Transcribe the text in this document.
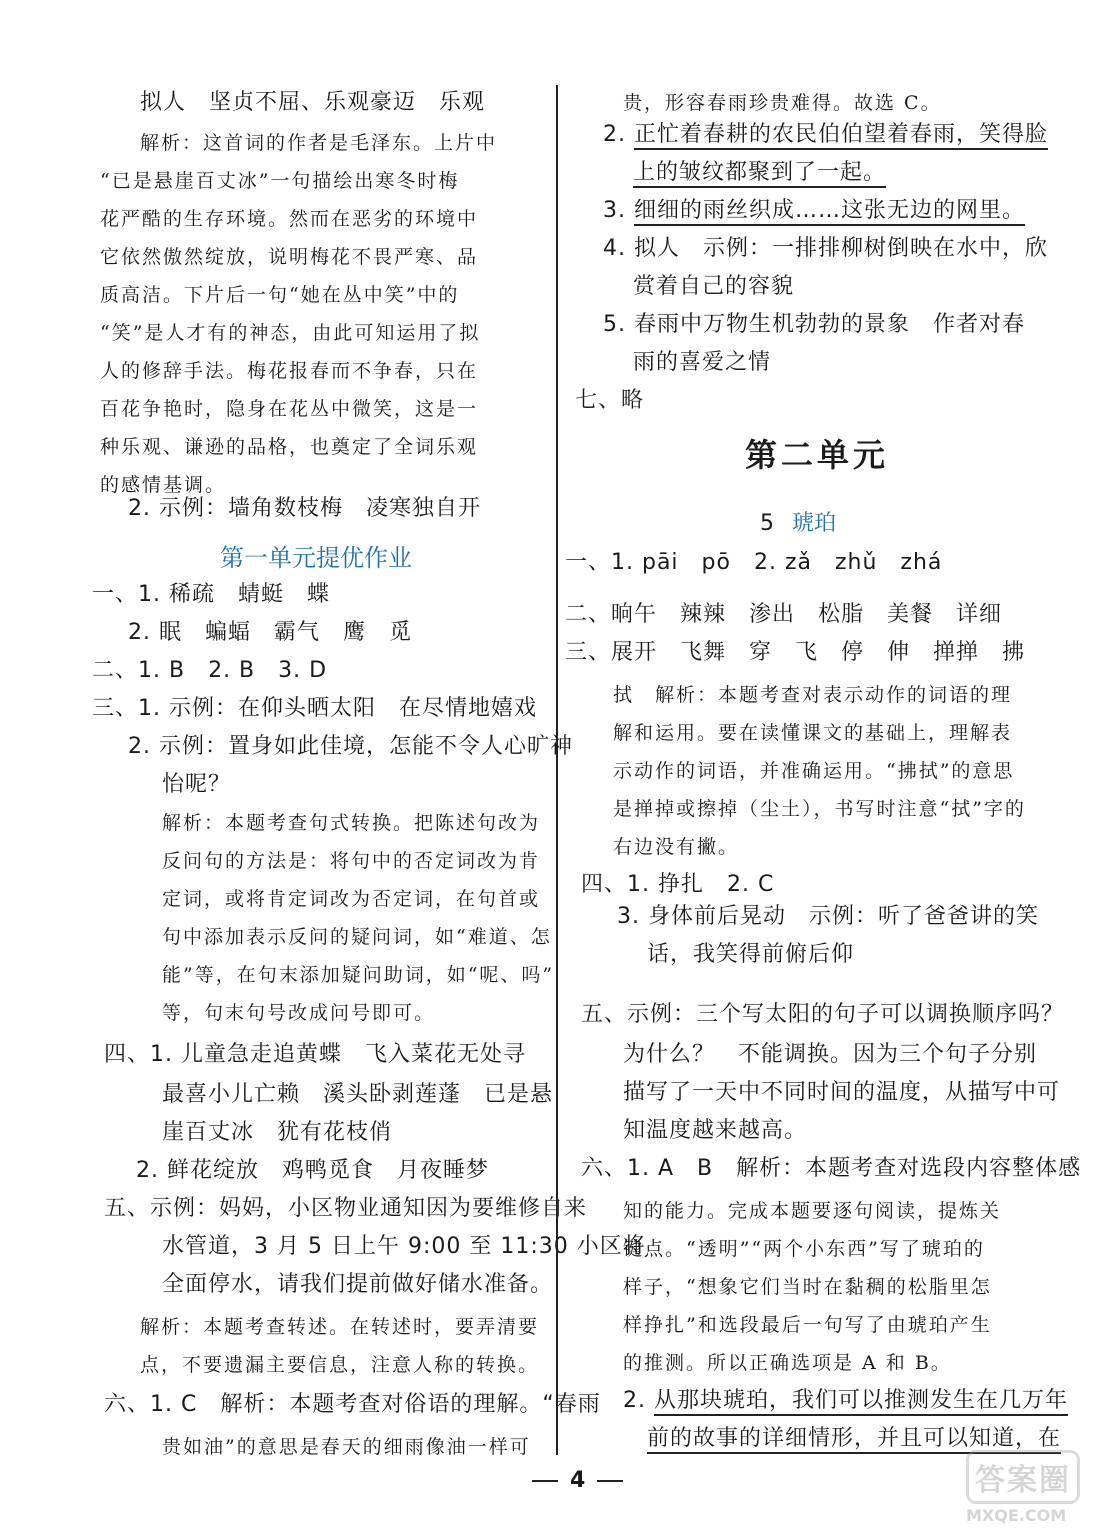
第一单元提优作业
拟人　坚贞不屈、乐观豪迈　乐观
解析：这首词的作者是毛泽东。上片中
“已是悬崖百丈冰”一句描绘出寒冬时梅
花严酷的生存环境。然而在恶劣的环境中
它依然傲然绽放，说明梅花不畏严寒、品
质高洁。下片后一句“她在丛中笑”中的
“笑”是人才有的神态，由此可知运用了拟
人的修辞手法。梅花报春而不争春，只在
百花争艳时，隐身在花丛中微笑，这是一
种乐观、谦逊的品格，也奠定了全词乐观
的感情基调。
2. 示例：墙角数枝梅　凌寒独自开
一、1. 稀疏　蜻蜓　蝶
2. 眠　蝙蝠　霸气　鹰　觅
二、1. B　2. B　3. D
三、1. 示例：在仰头晒太阳　在尽情地嬉戏
2. 示例：置身如此佳境，怎能不令人心旷神
怡呢？
解析：本题考查句式转换。把陈述句改为
反问句的方法是：将句中的否定词改为肯
定词，或将肯定词改为否定词，在句首或
句中添加表示反问的疑问词，如“难道、怎
能”等，在句末添加疑问助词，如“呢、吗”
等，句末句号改成问号即可。
四、1. 儿童急走追黄蝶　飞入菜花无处寻
最喜小儿亡赖　溪头卧剥莲蓬　已是悬
崖百丈冰　犹有花枝俏
2. 鲜花绽放　鸡鸭觅食　月夜睡梦
五、示例：妈妈，小区物业通知因为要维修自来
水管道，3 月 5 日上午 9:00 至 11:30 小区将
全面停水，请我们提前做好储水准备。
解析：本题考查转述。在转述时，要弄清要
点，不要遗漏主要信息，注意人称的转换。
六、1. C　解析：本题考查对俗语的理解。“春雨
贵如油”的意思是春天的细雨像油一样可
第二单元
5 琥珀
贵，形容春雨珍贵难得。故选 C。
2. 正忙着春耕的农民伯伯望着春雨，笑得脸
上的皱纹都聚到了一起。
3. 细细的雨丝织成……这张无边的网里。
4. 拟人　示例：一排排柳树倒映在水中，欣
赏着自己的容貌
5. 春雨中万物生机勃勃的景象　作者对春
雨的喜爱之情
七、略
一、1. pāi　pō　2. zǎ　zhǔ　zhá
二、晌午　辣辣　渗出　松脂　美餐　详细
三、展开　飞舞　穿　飞　停　伸　掸掸　拂
拭　解析：本题考查对表示动作的词语的理
解和运用。要在读懂课文的基础上，理解表
示动作的词语，并准确运用。“拂拭”的意思
是掸掉或擦掉（尘土），书写时注意“拭”字的
右边没有撇。
四、1. 挣扎　2. C
3. 身体前后晃动　示例：听了爸爸讲的笑
话，我笑得前俯后仰
五、示例：三个写太阳的句子可以调换顺序吗？
为什么？　不能调换。因为三个句子分别
描写了一天中不同时间的温度，从描写中可
知温度越来越高。
六、1. A　B　解析：本题考查对选段内容整体感
知的能力。完成本题要逐句阅读，提炼关
键点。“透明”“两个小东西”写了琥珀的
样子，“想象它们当时在黏稠的松脂里怎
样挣扎”和选段最后一句写了由琥珀产生
的推测。所以正确选项是 A 和 B。
2. 从那块琥珀，我们可以推测发生在几万年
前的故事的详细情形，并且可以知道，在
4	答案圈
MXQE.COM
